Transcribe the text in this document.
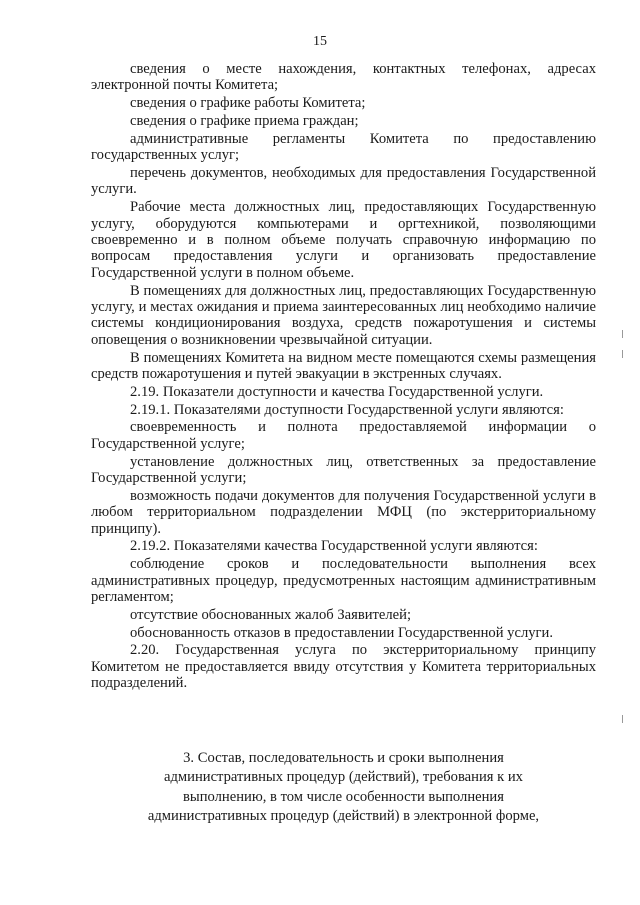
15

сведения о месте нахождения, контактных телефонах, адресах электронной почты Комитета;

сведения о графике работы Комитета;

сведения о графике приема граждан;

административные регламенты Комитета по предоставлению государственных услуг;

перечень документов, необходимых для предоставления Государственной услуги.

Рабочие места должностных лиц, предоставляющих Государственную услугу, оборудуются компьютерами и оргтехникой, позволяющими своевременно и в полном объеме получать справочную информацию по вопросам предоставления услуги и организовать предоставление Государственной услуги в полном объеме.

В помещениях для должностных лиц, предоставляющих Государственную услугу, и местах ожидания и приема заинтересованных лиц необходимо наличие системы кондиционирования воздуха, средств пожаротушения и системы оповещения о возникновении чрезвычайной ситуации.

В помещениях Комитета на видном месте помещаются схемы размещения средств пожаротушения и путей эвакуации в экстренных случаях.

2.19. Показатели доступности и качества Государственной услуги.

2.19.1. Показателями доступности Государственной услуги являются:

своевременность и полнота предоставляемой информации о Государственной услуге;

установление должностных лиц, ответственных за предоставление Государственной услуги;

возможность подачи документов для получения Государственной услуги в любом территориальном подразделении МФЦ (по экстерриториальному принципу).

2.19.2. Показателями качества Государственной услуги являются:

соблюдение сроков и последовательности выполнения всех административных процедур, предусмотренных настоящим административным регламентом;

отсутствие обоснованных жалоб Заявителей;

обоснованность отказов в предоставлении Государственной услуги.

2.20. Государственная услуга по экстерриториальному принципу Комитетом не предоставляется ввиду отсутствия у Комитета территориальных подразделений.

3. Состав, последовательность и сроки выполнения
административных процедур (действий), требования к их
выполнению, в том числе особенности выполнения
административных процедур (действий) в электронной форме,
